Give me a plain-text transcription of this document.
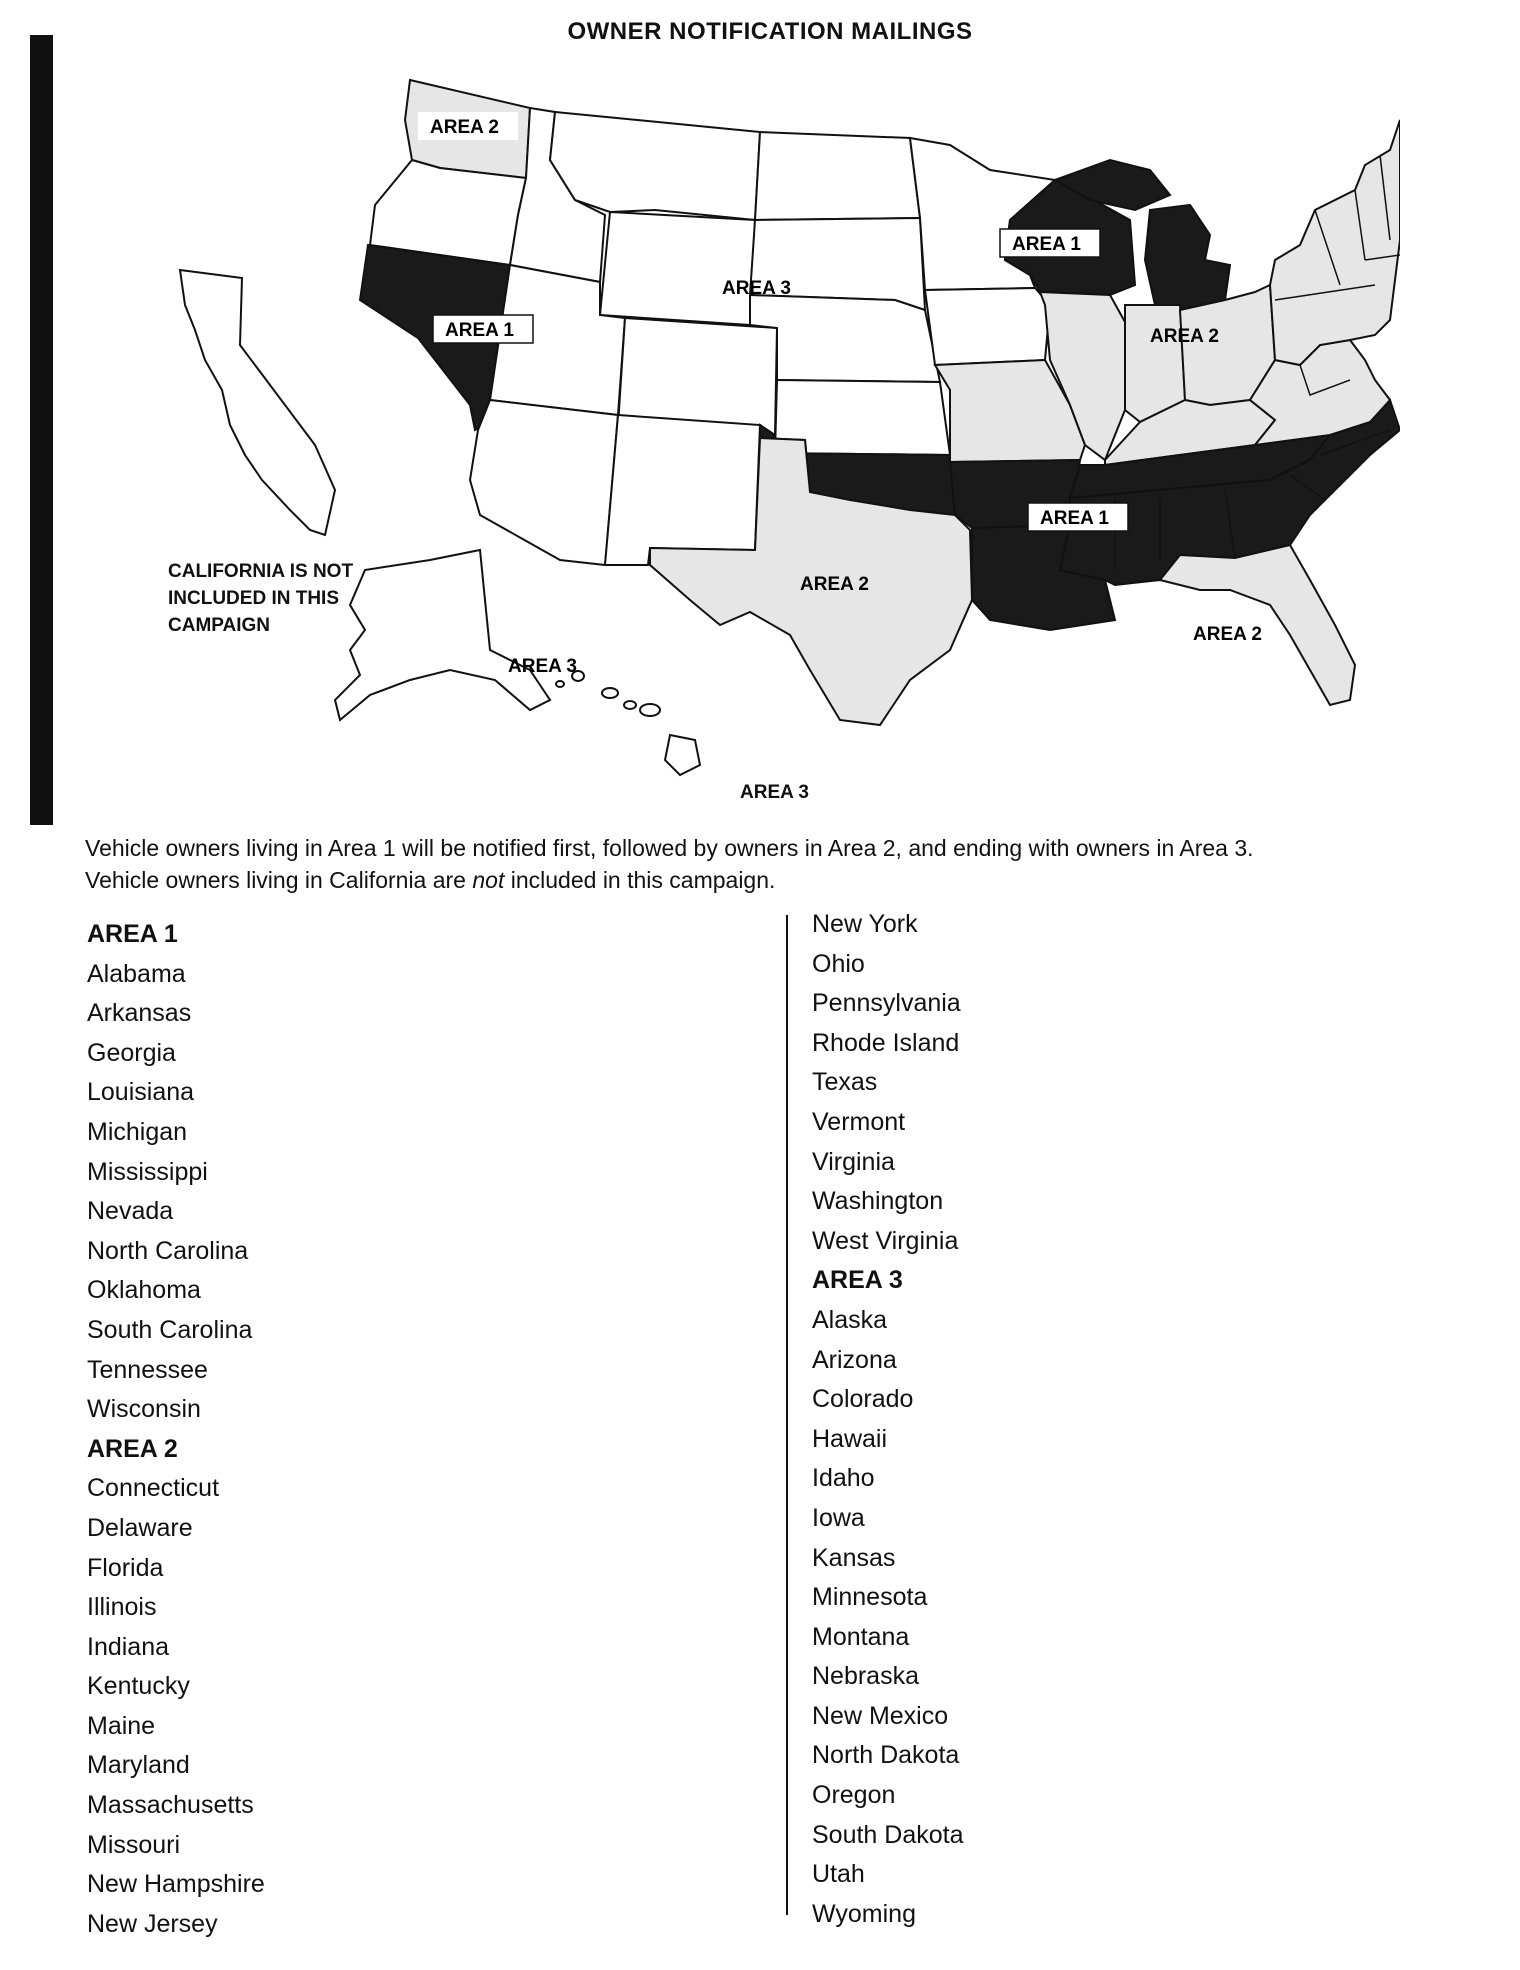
OWNER NOTIFICATION MAILINGS
AREA 2
AREA 1
AREA 3
AREA 1
AREA 2
AREA 1
AREA 2
AREA 2
AREA 3
CALIFORNIA IS NOT
INCLUDED IN THIS
CAMPAIGN
AREA 3
Vehicle owners living in Area 1 will be notified first, followed by owners in Area 2, and ending with owners in Area 3.
Vehicle owners living in California are not included in this campaign.
AREA 1
Alabama
Arkansas
Georgia
Louisiana
Michigan
Mississippi
Nevada
North Carolina
Oklahoma
South Carolina
Tennessee
Wisconsin
AREA 2
Connecticut
Delaware
Florida
Illinois
Indiana
Kentucky
Maine
Maryland
Massachusetts
Missouri
New Hampshire
New Jersey
New York
Ohio
Pennsylvania
Rhode Island
Texas
Vermont
Virginia
Washington
West Virginia
AREA 3
Alaska
Arizona
Colorado
Hawaii
Idaho
Iowa
Kansas
Minnesota
Montana
Nebraska
New Mexico
North Dakota
Oregon
South Dakota
Utah
Wyoming
